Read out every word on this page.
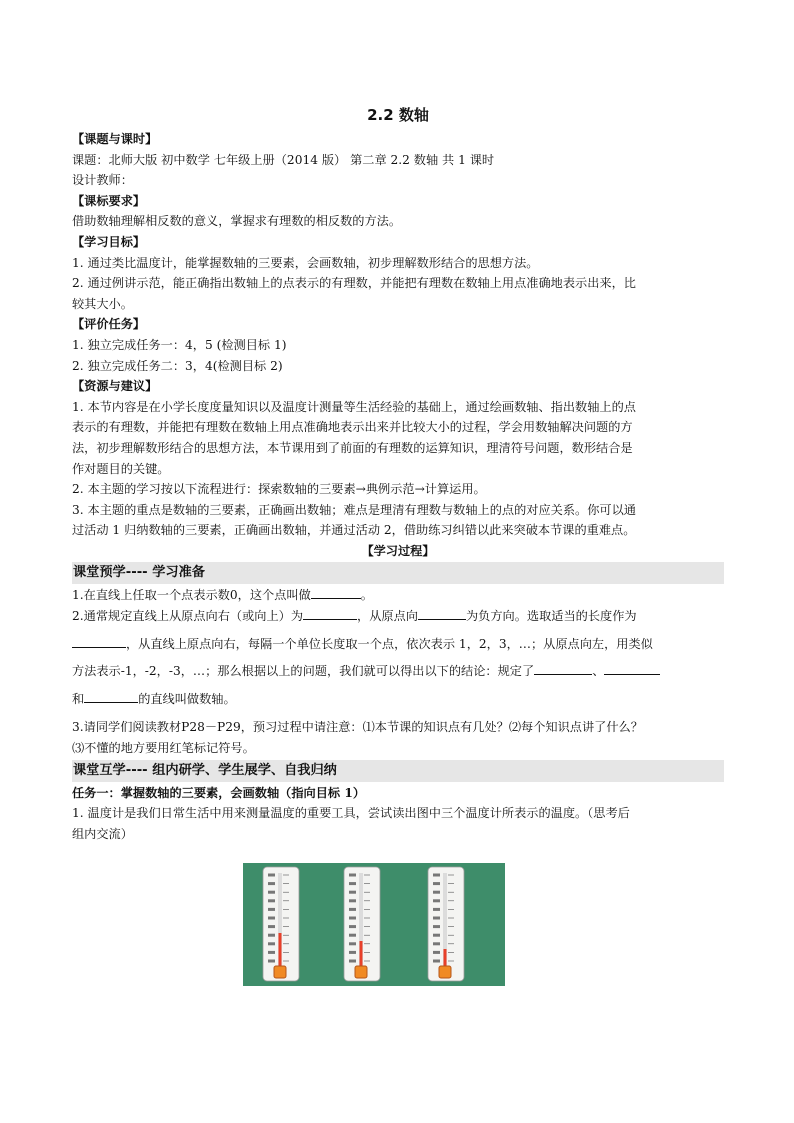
2.2 数轴

【课题与课时】

课题：北师大版 初中数学 七年级上册（2014 版） 第二章 2.2 数轴 共 1 课时

设计教师：

【课标要求】

借助数轴理解相反数的意义，掌握求有理数的相反数的方法。

【学习目标】

1. 通过类比温度计，能掌握数轴的三要素，会画数轴，初步理解数形结合的思想方法。

2. 通过例讲示范，能正确指出数轴上的点表示的有理数，并能把有理数在数轴上用点准确地表示出来，比

较其大小。

【评价任务】

1. 独立完成任务一：4，5 (检测目标 1)

2. 独立完成任务二：3，4(检测目标 2)

【资源与建议】

1. 本节内容是在小学长度度量知识以及温度计测量等生活经验的基础上，通过绘画数轴、指出数轴上的点

表示的有理数，并能把有理数在数轴上用点准确地表示出来并比较大小的过程，学会用数轴解决问题的方

法，初步理解数形结合的思想方法，本节课用到了前面的有理数的运算知识，理清符号问题，数形结合是

作对题目的关键。

2. 本主题的学习按以下流程进行：探索数轴的三要素→典例示范→计算运用。

3. 本主题的重点是数轴的三要素，正确画出数轴；难点是理清有理数与数轴上的点的对应关系。你可以通

过活动 1 归纳数轴的三要素，正确画出数轴，并通过活动 2，借助练习纠错以此来突破本节课的重难点。

【学习过程】

课堂预学---- 学习准备

1.在直线上任取一个点表示数0，这个点叫做	。

2.通常规定直线上从原点向右（或向上）为	，从原点向	为负方向。选取适当的长度作为

，从直线上原点向右，每隔一个单位长度取一个点，依次表示 1，2，3，…；从原点向左，用类似

方法表示-1，-2，-3，…；那么根据以上的问题，我们就可以得出以下的结论：规定了	、

和	的直线叫做数轴。

3.请同学们阅读教材P28－P29，预习过程中请注意：⑴本节课的知识点有几处？⑵每个知识点讲了什么？

⑶不懂的地方要用红笔标记符号。

课堂互学---- 组内研学、学生展学、自我归纳

任务一：掌握数轴的三要素，会画数轴（指向目标 1）

1. 温度计是我们日常生活中用来测量温度的重要工具，尝试读出图中三个温度计所表示的温度。（思考后

组内交流）
